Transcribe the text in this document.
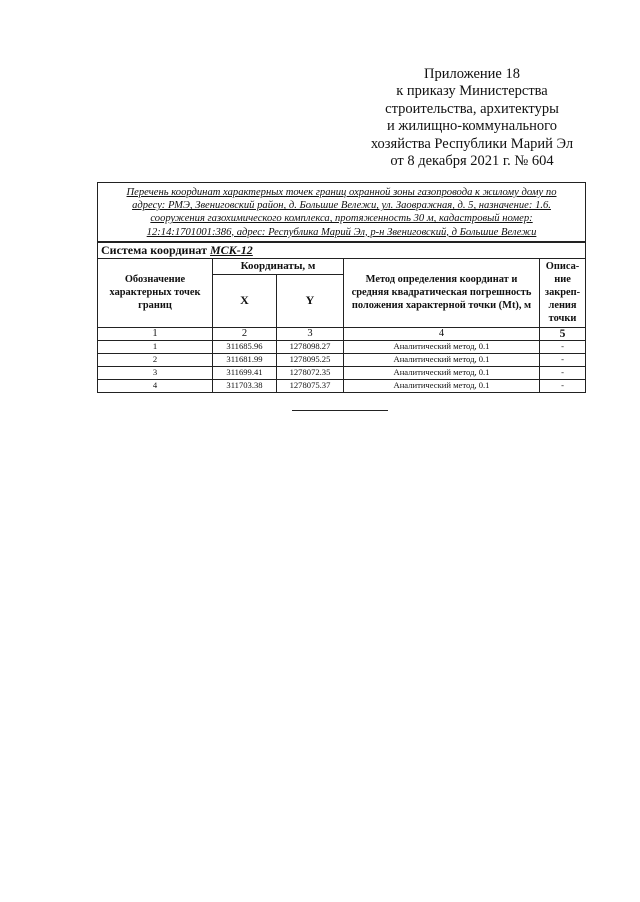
Приложение 18
к приказу Министерства
строительства, архитектуры
и жилищно-коммунального
хозяйства Республики Марий Эл
от 8 декабря 2021 г. № 604
Перечень координат характерных точек границ охранной зоны газопровода к жилому дому по
адресу: РМЭ, Звениговский район, д. Большие Вележи, ул. Заовражная, д. 5, назначение: 1.6.
сооружения газохимического комплекса, протяженность 30 м, кадастровый номер:
12:14:1701001:386, адрес: Республика Марий Эл, р-н Звениговский, д Большие Вележи				

Система координат МСК-12				
Обозначение характерных точек границ	Координаты, м		Метод определения координат и средняя квадратическая погрешность положения характерной точки (Mt), м	Описа-ние закреп-ления точки
	X	Y		
1	2	3	4	5
1	311685.96	1278098.27	Аналитический метод, 0.1	-
2	311681.99	1278095.25	Аналитический метод, 0.1	-
3	311699.41	1278072.35	Аналитический метод, 0.1	-
4	311703.38	1278075.37	Аналитический метод, 0.1	-
